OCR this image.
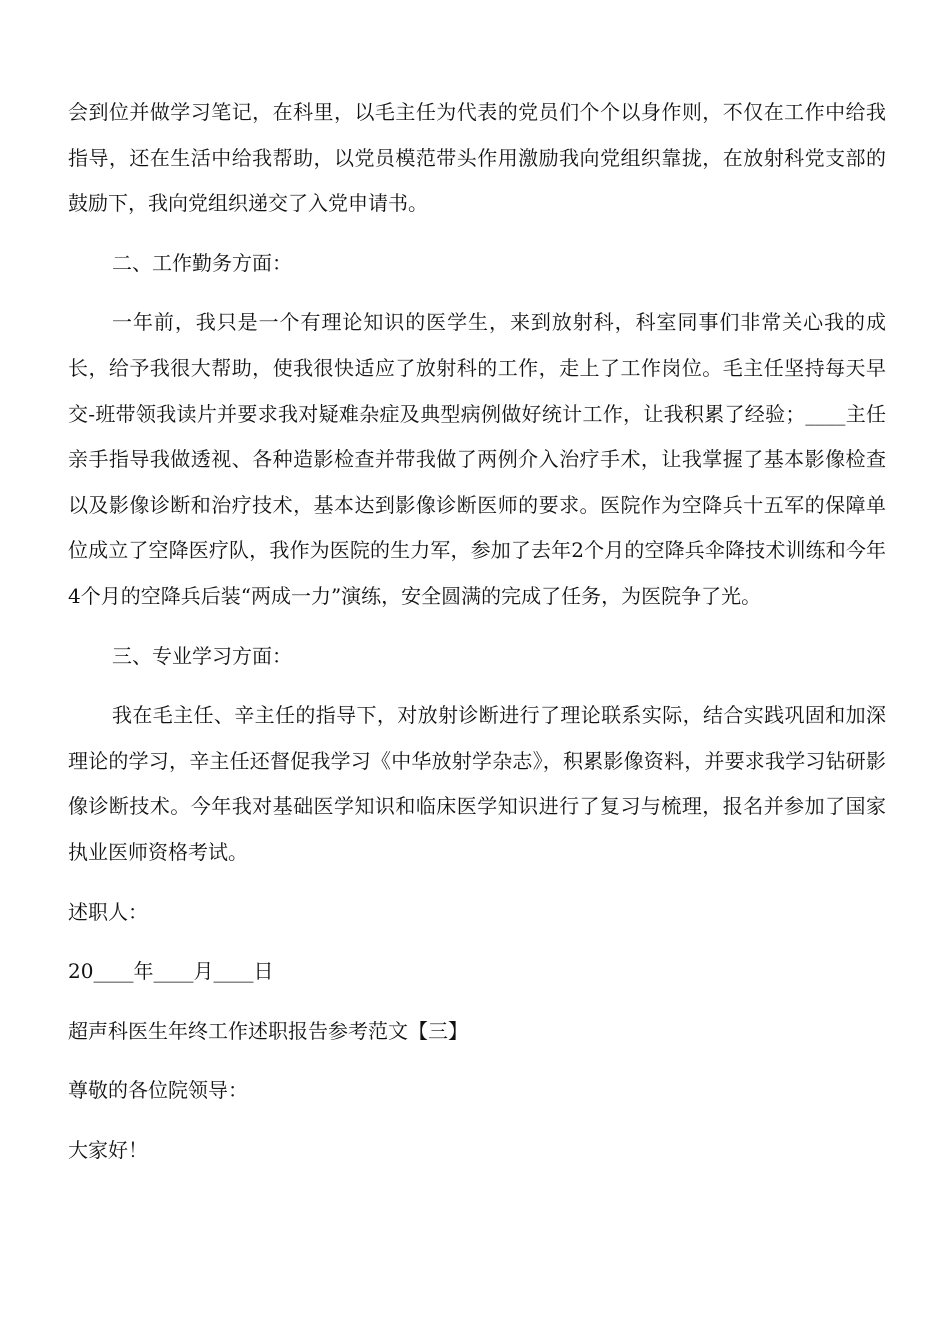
会到位并做学习笔记，在科里，以毛主任为代表的党员们个个以身作则，不仅在工作中给我指导，还在生活中给我帮助，以党员模范带头作用激励我向党组织靠拢，在放射科党支部的鼓励下，我向党组织递交了入党申请书。

二、工作勤务方面：

一年前，我只是一个有理论知识的医学生，来到放射科，科室同事们非常关心我的成长，给予我很大帮助，使我很快适应了放射科的工作，走上了工作岗位。毛主任坚持每天早交-班带领我读片并要求我对疑难杂症及典型病例做好统计工作，让我积累了经验；____主任亲手指导我做透视、各种造影检查并带我做了两例介入治疗手术，让我掌握了基本影像检查以及影像诊断和治疗技术，基本达到影像诊断医师的要求。医院作为空降兵十五军的保障单位成立了空降医疗队，我作为医院的生力军，参加了去年2个月的空降兵伞降技术训练和今年4个月的空降兵后装“两成一力”演练，安全圆满的完成了任务，为医院争了光。

三、专业学习方面：

我在毛主任、辛主任的指导下，对放射诊断进行了理论联系实际，结合实践巩固和加深理论的学习，辛主任还督促我学习《中华放射学杂志》，积累影像资料，并要求我学习钻研影像诊断技术。今年我对基础医学知识和临床医学知识进行了复习与梳理，报名并参加了国家执业医师资格考试。

述职人：

20____年____月____日

超声科医生年终工作述职报告参考范文【三】

尊敬的各位院领导：

大家好！
